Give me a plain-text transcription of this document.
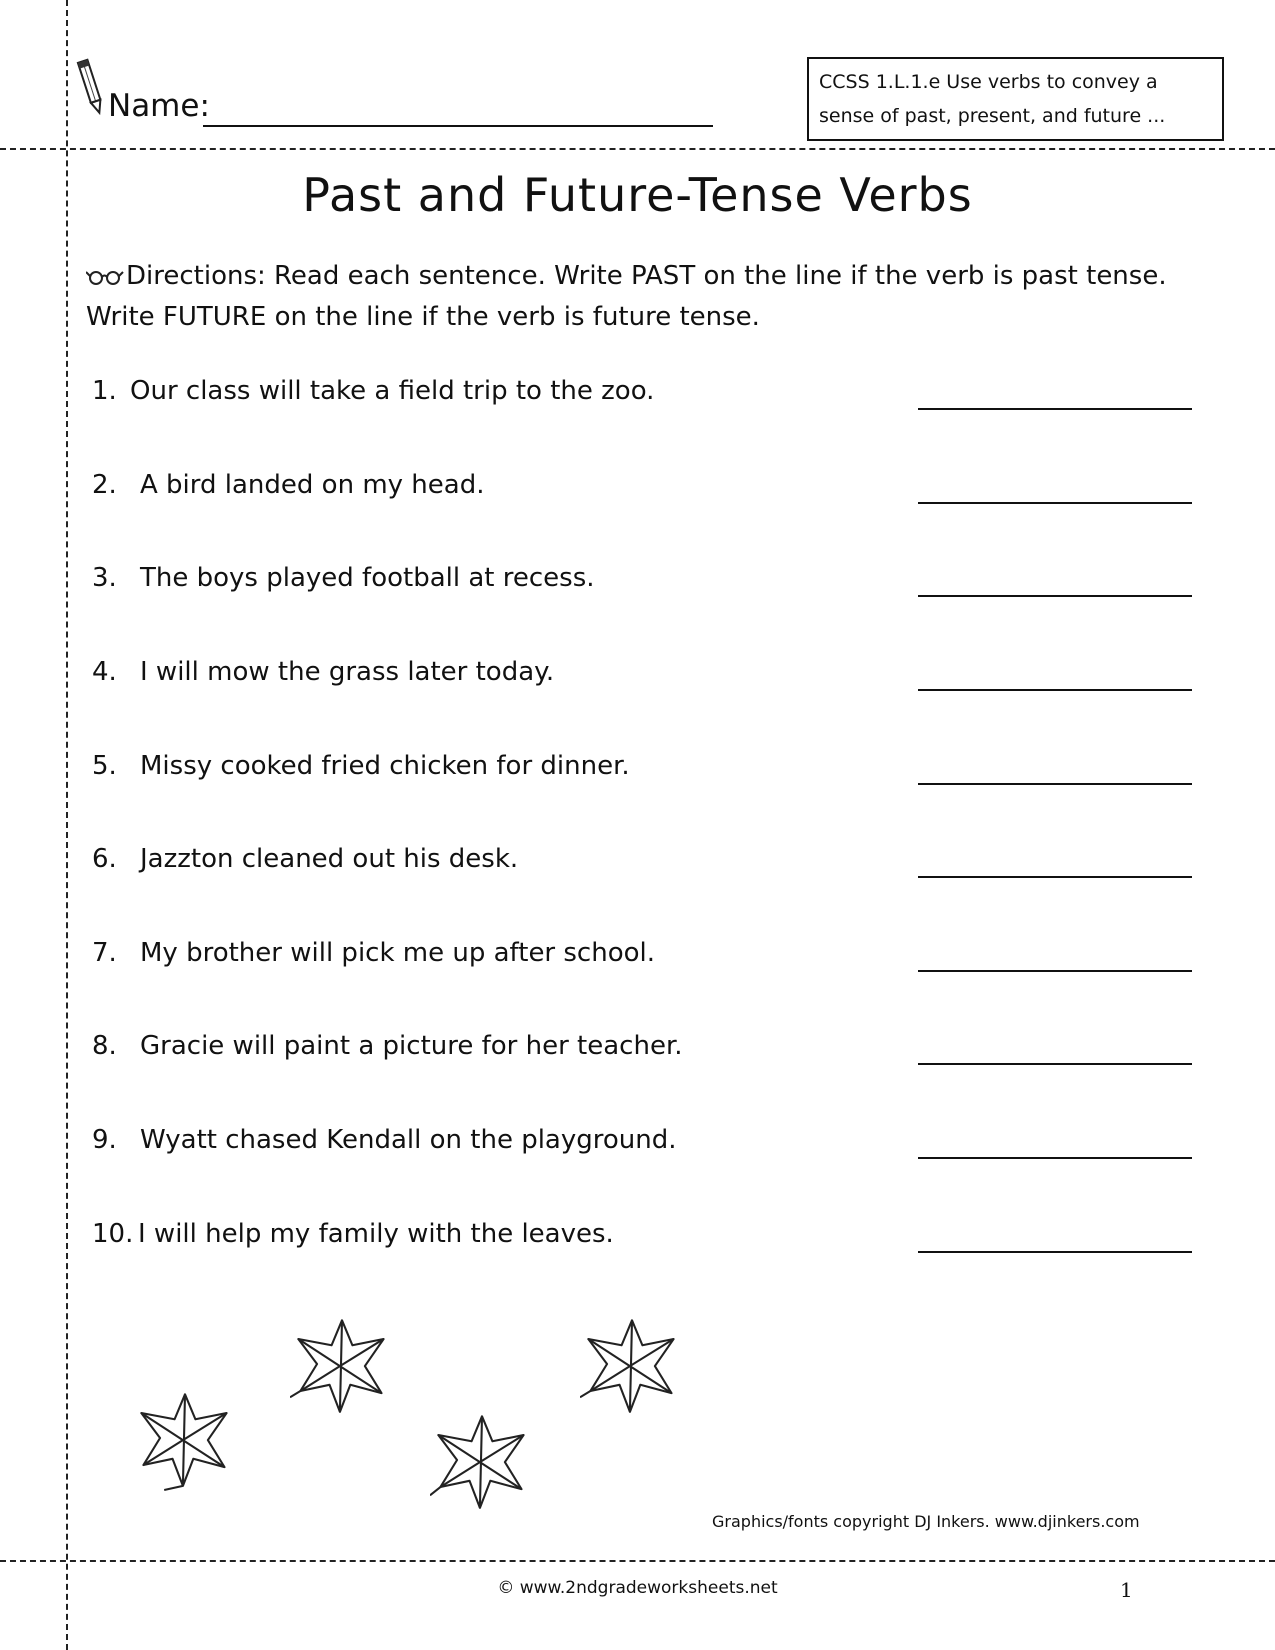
Name:
CCSS 1.L.1.e Use verbs to convey a sense of past, present, and future ...
Past and Future-Tense Verbs
Directions: Read each sentence. Write PAST on the line if the verb is past tense. Write FUTURE on the line if the verb is future tense.
1. Our class will take a field trip to the zoo.
2. A bird landed on my head.
3. The boys played football at recess.
4. I will mow the grass later today.
5. Missy cooked fried chicken for dinner.
6. Jazzton cleaned out his desk.
7. My brother will pick me up after school.
8. Gracie will paint a picture for her teacher.
9. Wyatt chased Kendall on the playground.
10. I will help my family with the leaves.
Graphics/fonts copyright DJ Inkers. www.djinkers.com
© www.2ndgradeworksheets.net	1
